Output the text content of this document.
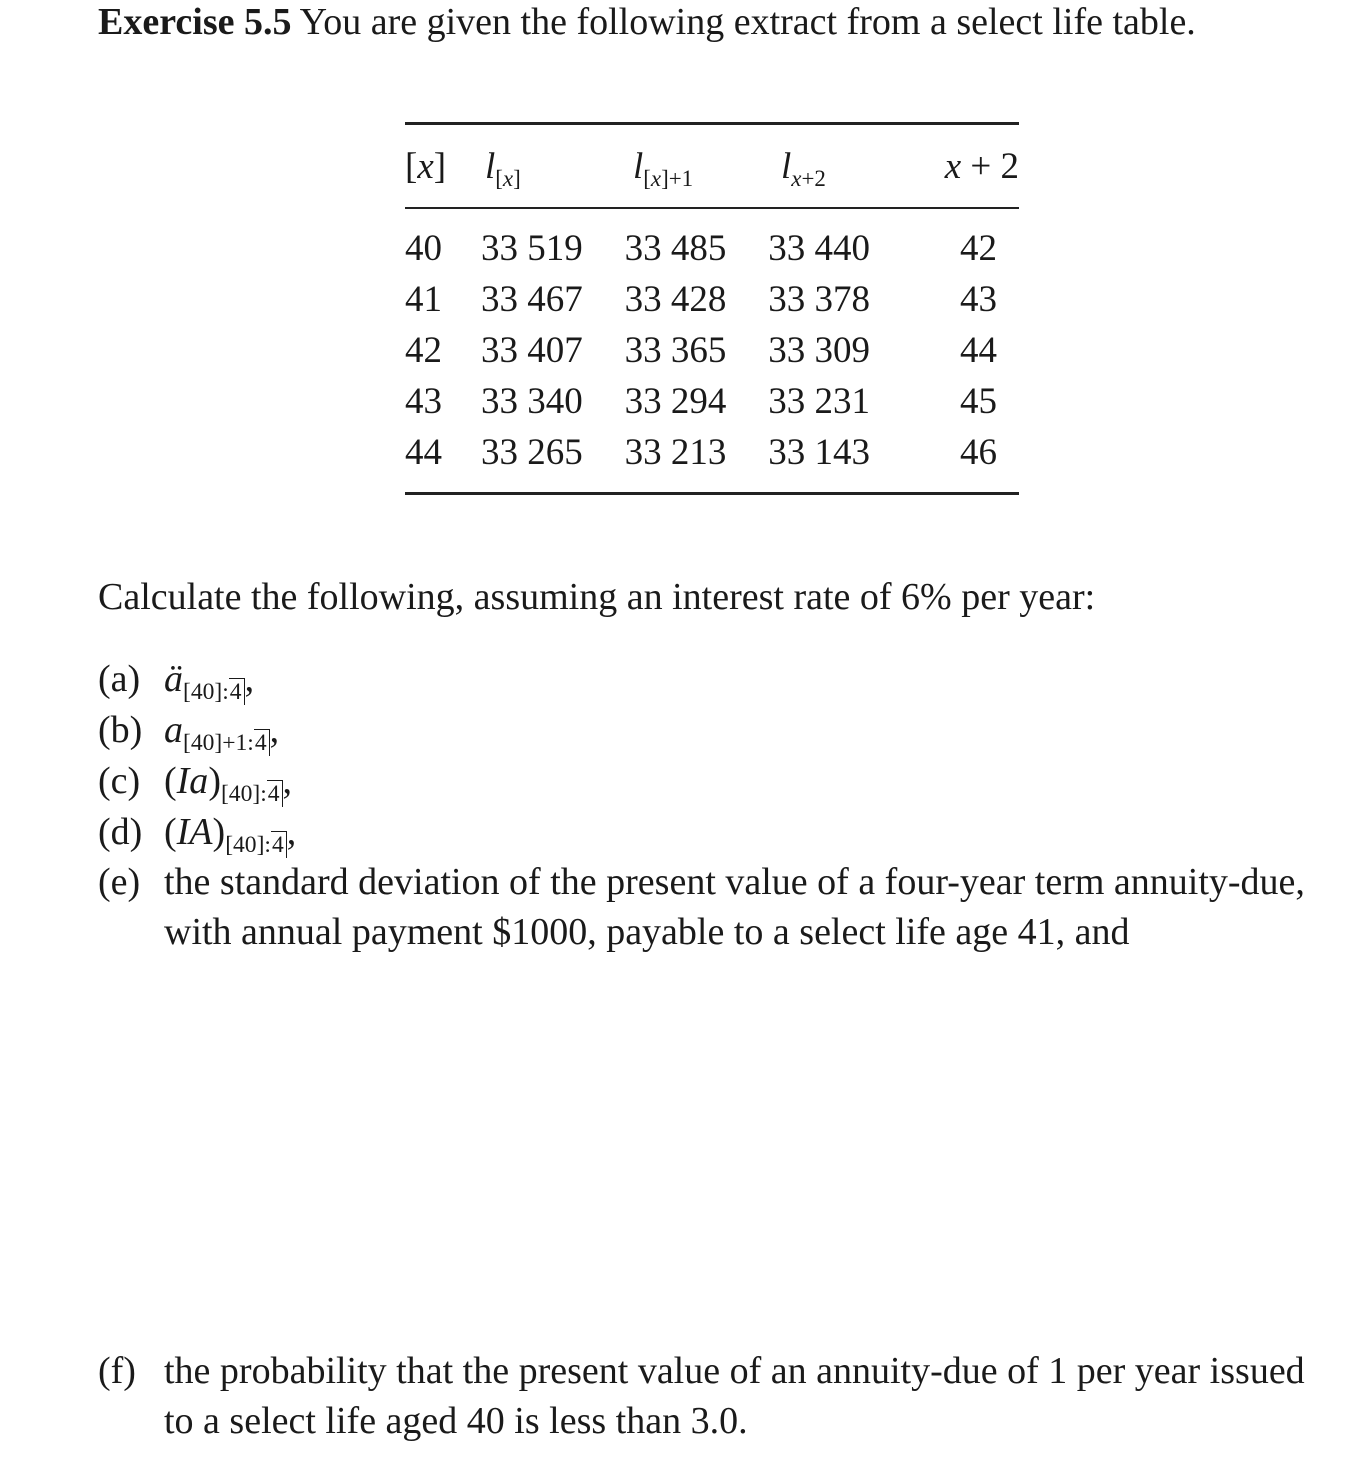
Exercise 5.5 You are given the following extract from a select life table.
[x]	$l_{[x]}$	$l_{[x]+1}$	$l_{x+2}$	x + 2
40	33 519	33 485	33 440	42
41	33 467	33 428	33 378	43
42	33 407	33 365	33 309	44
43	33 340	33 294	33 231	45
44	33 265	33 213	33 143	46
Calculate the following, assuming an interest rate of 6% per year:
(a) $ä_{[40]:4}$,
(b) $a_{[40]+1:4}$,
(c) $(Ia)_{[40]:4}$,
(d) $(IA)_{[40]:4}$,
(e) the standard deviation of the present value of a four-year term annuity-due, with annual payment $1000, payable to a select life age 41, and
(f) the probability that the present value of an annuity-due of 1 per year issued to a select life aged 40 is less than 3.0.
